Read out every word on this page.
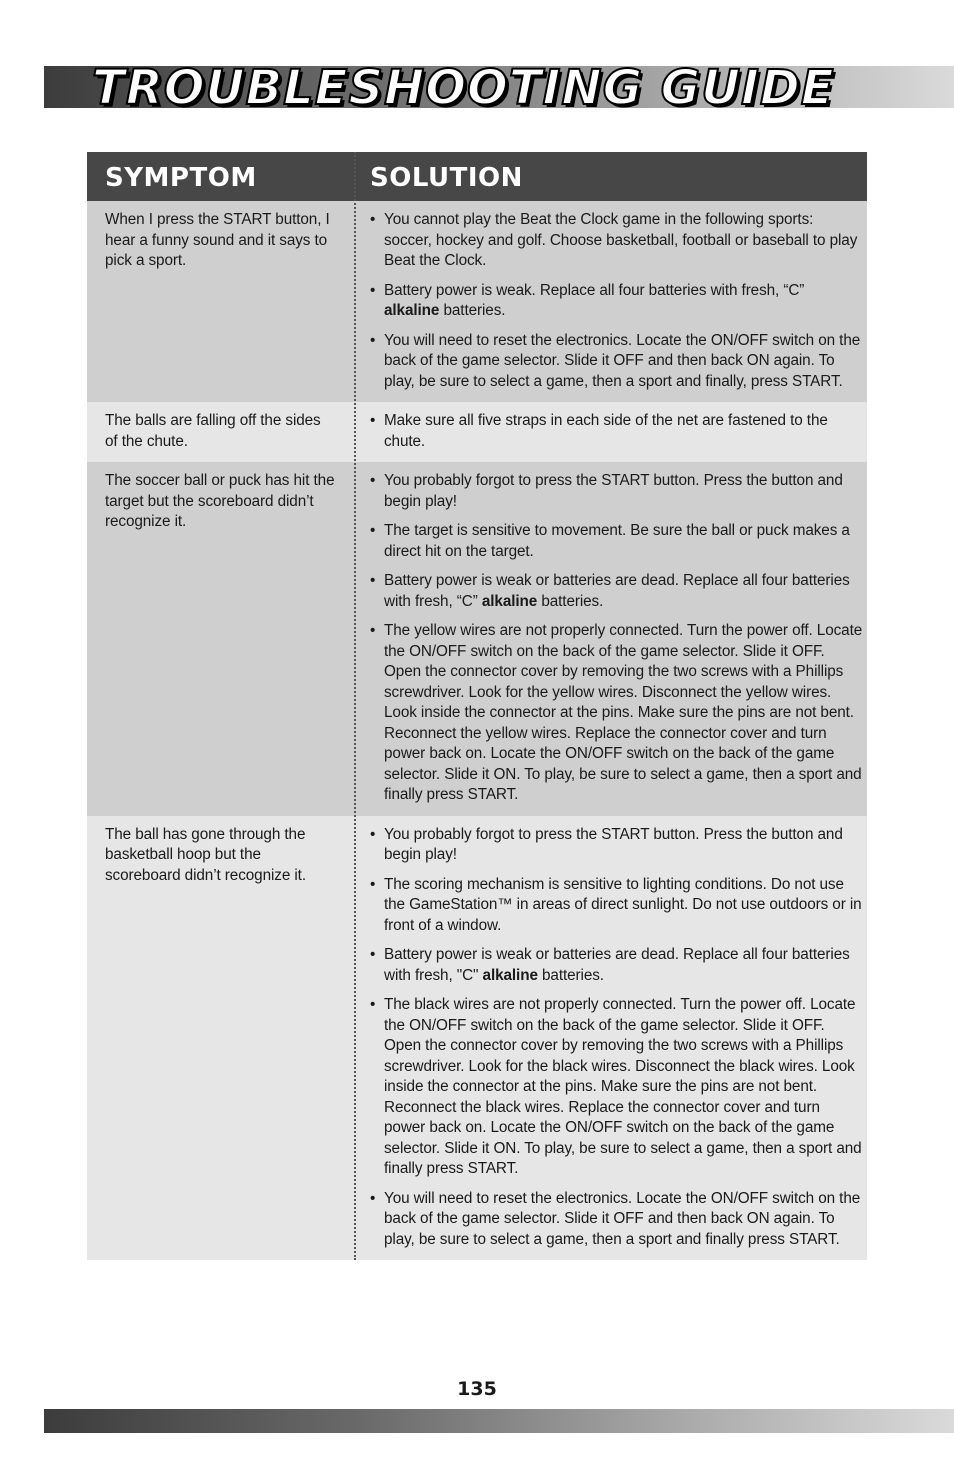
TROUBLESHOOTING GUIDE
SYMPTOM	SOLUTION
When I press the START button, I hear a funny sound and it says to pick a sport.
• You cannot play the Beat the Clock game in the following sports: soccer, hockey and golf. Choose basketball, football or baseball to play Beat the Clock.
• Battery power is weak. Replace all four batteries with fresh, “C” alkaline batteries.
• You will need to reset the electronics. Locate the ON/OFF switch on the back of the game selector. Slide it OFF and then back ON again. To play, be sure to select a game, then a sport and finally, press START.
The balls are falling off the sides of the chute.
• Make sure all five straps in each side of the net are fastened to the chute.
The soccer ball or puck has hit the target but the scoreboard didn’t recognize it.
• You probably forgot to press the START button. Press the button and begin play!
• The target is sensitive to movement. Be sure the ball or puck makes a direct hit on the target.
• Battery power is weak or batteries are dead. Replace all four batteries with fresh, “C” alkaline batteries.
• The yellow wires are not properly connected. Turn the power off. Locate the ON/OFF switch on the back of the game selector. Slide it OFF. Open the connector cover by removing the two screws with a Phillips screwdriver. Look for the yellow wires. Disconnect the yellow wires. Look inside the connector at the pins. Make sure the pins are not bent. Reconnect the yellow wires. Replace the connector cover and turn power back on. Locate the ON/OFF switch on the back of the game selector. Slide it ON. To play, be sure to select a game, then a sport and finally press START.
The ball has gone through the basketball hoop but the scoreboard didn’t recognize it.
• You probably forgot to press the START button. Press the button and begin play!
• The scoring mechanism is sensitive to lighting conditions. Do not use the GameStation™ in areas of direct sunlight. Do not use outdoors or in front of a window.
• Battery power is weak or batteries are dead. Replace all four batteries with fresh, "C" alkaline batteries.
• The black wires are not properly connected. Turn the power off. Locate the ON/OFF switch on the back of the game selector. Slide it OFF. Open the connector cover by removing the two screws with a Phillips screwdriver. Look for the black wires. Disconnect the black wires. Look inside the connector at the pins. Make sure the pins are not bent. Reconnect the black wires. Replace the connector cover and turn power back on. Locate the ON/OFF switch on the back of the game selector. Slide it ON. To play, be sure to select a game, then a sport and finally press START.
• You will need to reset the electronics. Locate the ON/OFF switch on the back of the game selector. Slide it OFF and then back ON again. To play, be sure to select a game, then a sport and finally press START.
135
